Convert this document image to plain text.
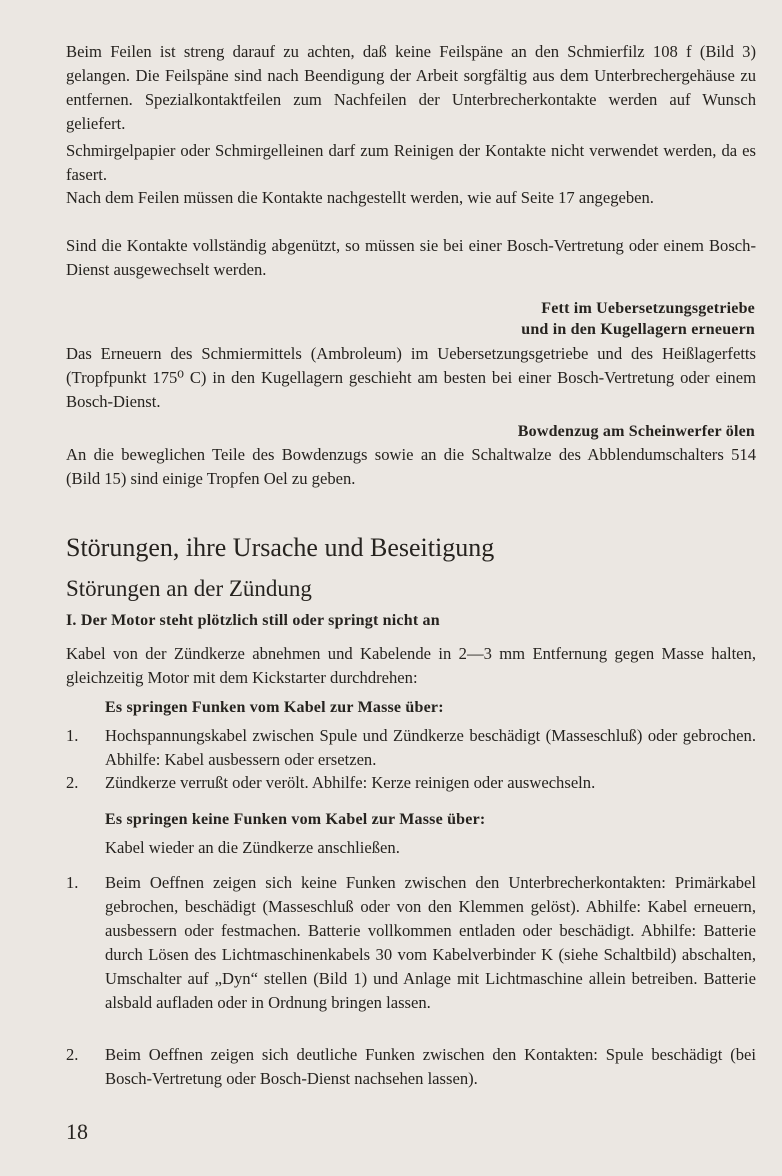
Beim Feilen ist streng darauf zu achten, daß keine Feilspäne an den Schmierfilz 108 f (Bild 3) gelangen. Die Feilspäne sind nach Beendigung der Arbeit sorgfältig aus dem Unterbrechergehäuse zu entfernen. Spezialkontaktfeilen zum Nachfeilen der Unterbrecherkontakte werden auf Wunsch geliefert.

Schmirgelpapier oder Schmirgelleinen darf zum Reinigen der Kontakte nicht verwendet werden, da es fasert.

Nach dem Feilen müssen die Kontakte nachgestellt werden, wie auf Seite 17 angegeben.

Sind die Kontakte vollständig abgenützt, so müssen sie bei einer Bosch-Vertretung oder einem Bosch-Dienst ausgewechselt werden.

Fett im Uebersetzungsgetriebe

und in den Kugellagern erneuern

Das Erneuern des Schmiermittels (Ambroleum) im Uebersetzungsgetriebe und des Heißlagerfetts (Tropfpunkt 175⁰ C) in den Kugellagern geschieht am besten bei einer Bosch-Vertretung oder einem Bosch-Dienst.

Bowdenzug am Scheinwerfer ölen

An die beweglichen Teile des Bowdenzugs sowie an die Schaltwalze des Abblendumschalters 514 (Bild 15) sind einige Tropfen Oel zu geben.

Störungen, ihre Ursache und Beseitigung
Störungen an der Zündung
I. Der Motor steht plötzlich still oder springt nicht an

Kabel von der Zündkerze abnehmen und Kabelende in 2—3 mm Entfernung gegen Masse halten, gleichzeitig Motor mit dem Kickstarter durchdrehen:

Es springen Funken vom Kabel zur Masse über:

1.	Hochspannungskabel zwischen Spule und Zündkerze beschädigt (Masseschluß) oder gebrochen. Abhilfe: Kabel ausbessern oder ersetzen.

2.	Zündkerze verrußt oder verölt. Abhilfe: Kerze reinigen oder auswechseln.

Es springen keine Funken vom Kabel zur Masse über:

Kabel wieder an die Zündkerze anschließen.

1.	Beim Oeffnen zeigen sich keine Funken zwischen den Unterbrecherkontakten: Primärkabel gebrochen, beschädigt (Masseschluß oder von den Klemmen gelöst). Abhilfe: Kabel erneuern, ausbessern oder festmachen. Batterie vollkommen entladen oder beschädigt. Abhilfe: Batterie durch Lösen des Lichtmaschinenkabels 30 vom Kabelverbinder K (siehe Schaltbild) abschalten, Umschalter auf „Dyn“ stellen (Bild 1) und Anlage mit Lichtmaschine allein betreiben. Batterie alsbald aufladen oder in Ordnung bringen lassen.

2.	Beim Oeffnen zeigen sich deutliche Funken zwischen den Kontakten: Spule beschädigt (bei Bosch-Vertretung oder Bosch-Dienst nachsehen lassen).

18
